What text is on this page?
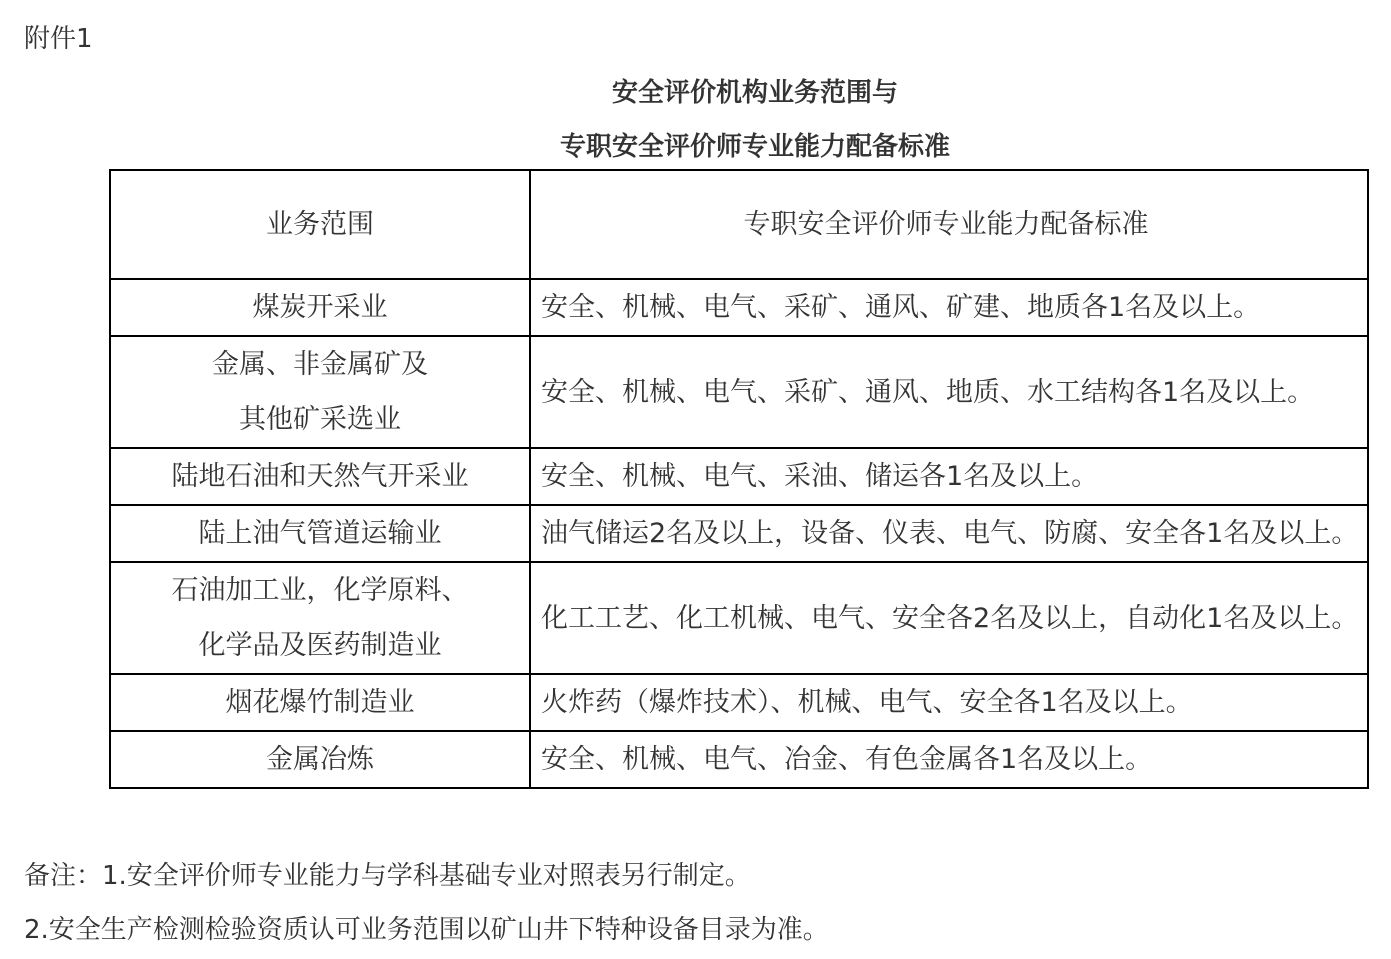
附件1
安全评价机构业务范围与
专职安全评价师专业能力配备标准
业务范围	专职安全评价师专业能力配备标准
煤炭开采业	安全、机械、电气、采矿、通风、矿建、地质各1名及以上。
金属、非金属矿及
其他矿采选业	安全、机械、电气、采矿、通风、地质、水工结构各1名及以上。
陆地石油和天然气开采业	安全、机械、电气、采油、储运各1名及以上。
陆上油气管道运输业	油气储运2名及以上，设备、仪表、电气、防腐、安全各1名及以上。
石油加工业，化学原料、
化学品及医药制造业	化工工艺、化工机械、电气、安全各2名及以上，自动化1名及以上。
烟花爆竹制造业	火炸药（爆炸技术）、机械、电气、安全各1名及以上。
金属冶炼	安全、机械、电气、冶金、有色金属各1名及以上。
备注：1.安全评价师专业能力与学科基础专业对照表另行制定。
2.安全生产检测检验资质认可业务范围以矿山井下特种设备目录为准。
